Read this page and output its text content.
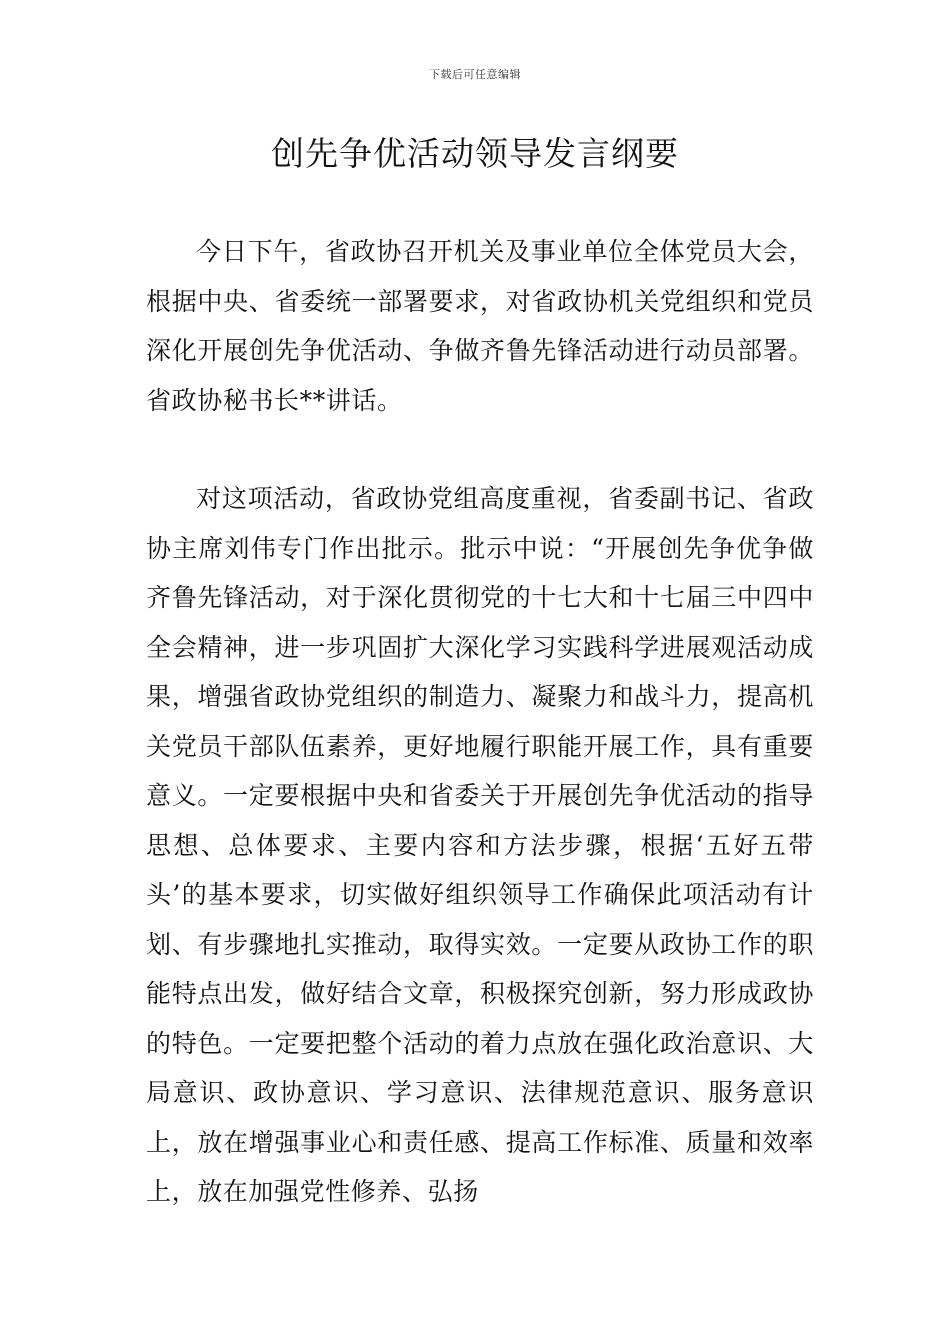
下载后可任意编辑
创先争优活动领导发言纲要

今日下午，省政协召开机关及事业单位全体党员大会，根据中央、省委统一部署要求，对省政协机关党组织和党员深化开展创先争优活动、争做齐鲁先锋活动进行动员部署。省政协秘书长**讲话。

对这项活动，省政协党组高度重视，省委副书记、省政协主席刘伟专门作出批示。批示中说：“开展创先争优争做齐鲁先锋活动，对于深化贯彻党的十七大和十七届三中四中全会精神，进一步巩固扩大深化学习实践科学进展观活动成果，增强省政协党组织的制造力、凝聚力和战斗力，提高机关党员干部队伍素养，更好地履行职能开展工作，具有重要意义。一定要根据中央和省委关于开展创先争优活动的指导思想、总体要求、主要内容和方法步骤，根据‘五好五带头’的基本要求，切实做好组织领导工作确保此项活动有计划、有步骤地扎实推动，取得实效。一定要从政协工作的职能特点出发，做好结合文章，积极探究创新，努力形成政协的特色。一定要把整个活动的着力点放在强化政治意识、大局意识、政协意识、学习意识、法律规范意识、服务意识上，放在增强事业心和责任感、提高工作标准、质量和效率上，放在加强党性修养、弘扬
